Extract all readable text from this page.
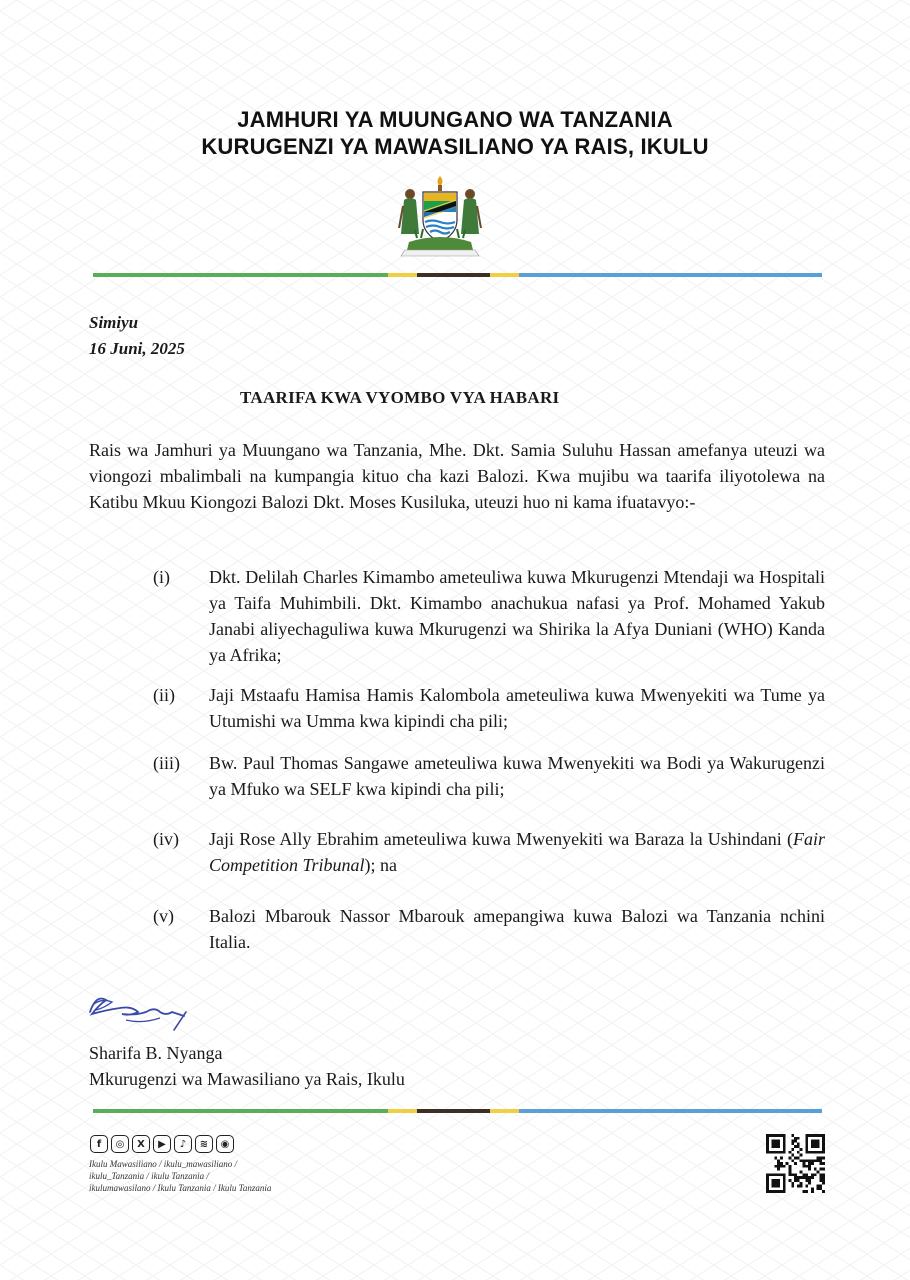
JAMHURI YA MUUNGANO WA TANZANIA
KURUGENZI YA MAWASILIANO YA RAIS, IKULU
Simiyu
16 Juni, 2025
TAARIFA KWA VYOMBO VYA HABARI

Rais wa Jamhuri ya Muungano wa Tanzania, Mhe. Dkt. Samia Suluhu Hassan amefanya uteuzi wa viongozi mbalimbali na kumpangia kituo cha kazi Balozi. Kwa mujibu wa taarifa iliyotolewa na Katibu Mkuu Kiongozi Balozi Dkt. Moses Kusiluka, uteuzi huo ni kama ifuatavyo:-

(i) Dkt. Delilah Charles Kimambo ameteuliwa kuwa Mkurugenzi Mtendaji wa Hospitali ya Taifa Muhimbili. Dkt. Kimambo anachukua nafasi ya Prof. Mohamed Yakub Janabi aliyechaguliwa kuwa Mkurugenzi wa Shirika la Afya Duniani (WHO) Kanda ya Afrika;

(ii) Jaji Mstaafu Hamisa Hamis Kalombola ameteuliwa kuwa Mwenyekiti wa Tume ya Utumishi wa Umma kwa kipindi cha pili;

(iii) Bw. Paul Thomas Sangawe ameteuliwa kuwa Mwenyekiti wa Bodi ya Wakurugenzi ya Mfuko wa SELF kwa kipindi cha pili;

(iv) Jaji Rose Ally Ebrahim ameteuliwa kuwa Mwenyekiti wa Baraza la Ushindani (Fair Competition Tribunal); na

(v) Balozi Mbarouk Nassor Mbarouk amepangiwa kuwa Balozi wa Tanzania nchini Italia.

Sharifa B. Nyanga
Mkurugenzi wa Mawasiliano ya Rais, Ikulu
f	◎	X	▶	♪	≋	◉
Ikulu Mawasiliano / ikulu_mawasiliano /
ikulu_Tanzania / ikulu Tanzania /
ikulumawasilano / Ikulu Tanzania / Ikulu Tanzania
